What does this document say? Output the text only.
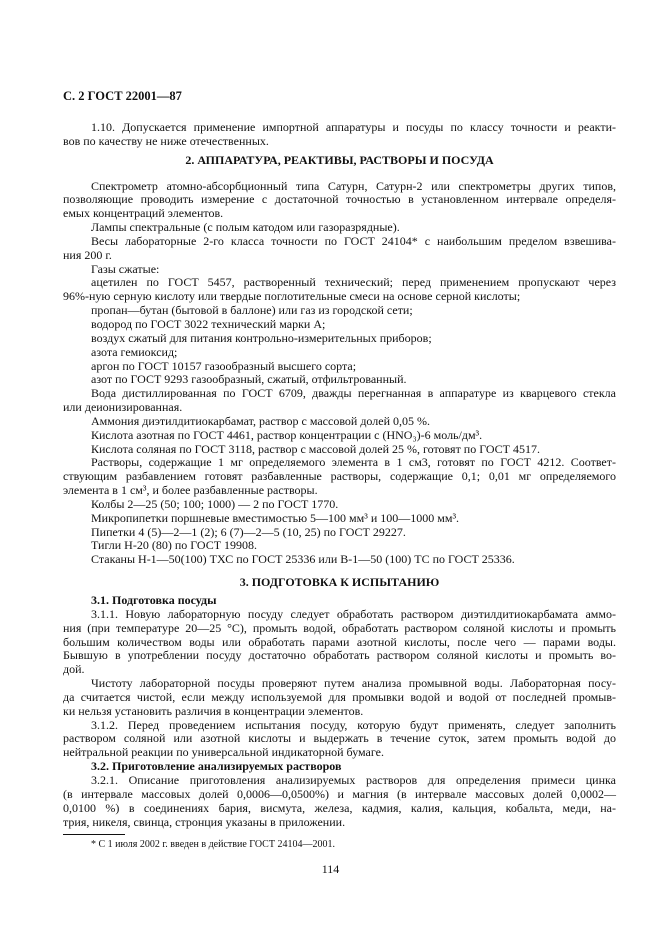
С. 2 ГОСТ 22001—87
1.10. Допускается применение импортной аппаратуры и посуды по классу точности и реакти-
вов по качеству не ниже отечественных.
2. АППАРАТУРА, РЕАКТИВЫ, РАСТВОРЫ И ПОСУДА
Спектрометр атомно-абсорбционный типа Сатурн, Сатурн-2 или спектрометры других типов,
позволяющие проводить измерение с достаточной точностью в установленном интервале определя-
емых концентраций элементов.
Лампы спектральные (с полым катодом или газоразрядные).
Весы лабораторные 2-го класса точности по ГОСТ 24104* с наибольшим пределом взвешива-
ния 200 г.
Газы сжатые:
ацетилен по ГОСТ 5457, растворенный технический; перед применением пропускают через
96%-ную серную кислоту или твердые поглотительные смеси на основе серной кислоты;
пропан—бутан (бытовой в баллоне) или газ из городской сети;
водород по ГОСТ 3022 технический марки А;
воздух сжатый для питания контрольно-измерительных приборов;
азота гемиоксид;
аргон по ГОСТ 10157 газообразный высшего сорта;
азот по ГОСТ 9293 газообразный, сжатый, отфильтрованный.
Вода дистиллированная по ГОСТ 6709, дважды перегнанная в аппаратуре из кварцевого стекла
или деионизированная.
Аммония диэтилдитиокарбамат, раствор с массовой долей 0,05 %.
Кислота азотная по ГОСТ 4461, раствор концентрации c (HNO₃)-6 моль/дм³.
Кислота соляная по ГОСТ 3118, раствор с массовой долей 25 %, готовят по ГОСТ 4517.
Растворы, содержащие 1 мг определяемого элемента в 1 см3, готовят по ГОСТ 4212. Соответ-
ствующим разбавлением готовят разбавленные растворы, содержащие 0,1; 0,01 мг определяемого
элемента в 1 см³, и более разбавленные растворы.
Колбы 2—25 (50; 100; 1000) — 2 по ГОСТ 1770.
Микропипетки поршневые вместимостью 5—100 мм³ и 100—1000 мм³.
Пипетки 4 (5)—2—1 (2); 6 (7)—2—5 (10, 25) по ГОСТ 29227.
Тигли Н-20 (80) по ГОСТ 19908.
Стаканы Н-1—50(100) ТХС по ГОСТ 25336 или В-1—50 (100) ТС по ГОСТ 25336.
3. ПОДГОТОВКА К ИСПЫТАНИЮ
3.1. Подготовка посуды
3.1.1. Новую лабораторную посуду следует обработать раствором диэтилдитиокарбамата аммо-
ния (при температуре 20—25 °С), промыть водой, обработать раствором соляной кислоты и промыть
большим количеством воды или обработать парами азотной кислоты, после чего — парами воды.
Бывшую в употреблении посуду достаточно обработать раствором соляной кислоты и промыть во-
дой.
Чистоту лабораторной посуды проверяют путем анализа промывной воды. Лабораторная посу-
да считается чистой, если между используемой для промывки водой и водой от последней промыв-
ки нельзя установить различия в концентрации элементов.
3.1.2. Перед проведением испытания посуду, которую будут применять, следует заполнить
раствором соляной или азотной кислоты и выдержать в течение суток, затем промыть водой до
нейтральной реакции по универсальной индикаторной бумаге.
3.2. Приготовление анализируемых растворов
3.2.1. Описание приготовления анализируемых растворов для определения примеси цинка
(в интервале массовых долей 0,0006—0,0500%) и магния (в интервале массовых долей 0,0002—
0,0100 %) в соединениях бария, висмута, железа, кадмия, калия, кальция, кобальта, меди, на-
трия, никеля, свинца, стронция указаны в приложении.
* С 1 июля 2002 г. введен в действие ГОСТ 24104—2001.
114
